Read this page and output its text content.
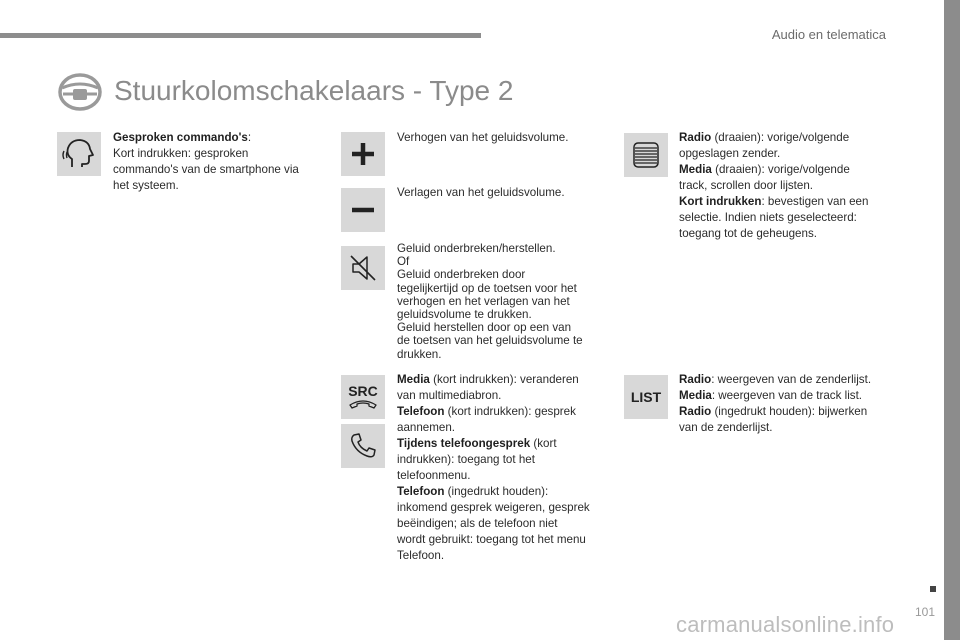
Audio en telematica
Stuurkolomschakelaars - Type 2
Gesproken commando's:
Kort indrukken: gesproken
commando's van de smartphone via
het systeem.
Verhogen van het geluidsvolume.
Verlagen van het geluidsvolume.
Geluid onderbreken/herstellen.
Of
Geluid onderbreken door
tegelijkertijd op de toetsen voor het
verhogen en het verlagen van het
geluidsvolume te drukken.
Geluid herstellen door op een van
de toetsen van het geluidsvolume te
drukken.
SRC
Media (kort indrukken): veranderen
van multimediabron.
Telefoon (kort indrukken): gesprek
aannemen.
Tijdens telefoongesprek (kort
indrukken): toegang tot het
telefoonmenu.
Telefoon (ingedrukt houden):
inkomend gesprek weigeren, gesprek
beëindigen; als de telefoon niet
wordt gebruikt: toegang tot het menu
Telefoon.
Radio (draaien): vorige/volgende
opgeslagen zender.
Media (draaien): vorige/volgende
track, scrollen door lijsten.
Kort indrukken: bevestigen van een
selectie. Indien niets geselecteerd:
toegang tot de geheugens.
LIST
Radio: weergeven van de zenderlijst.
Media: weergeven van de track list.
Radio (ingedrukt houden): bijwerken
van de zenderlijst.
101
carmanualsonline.info
